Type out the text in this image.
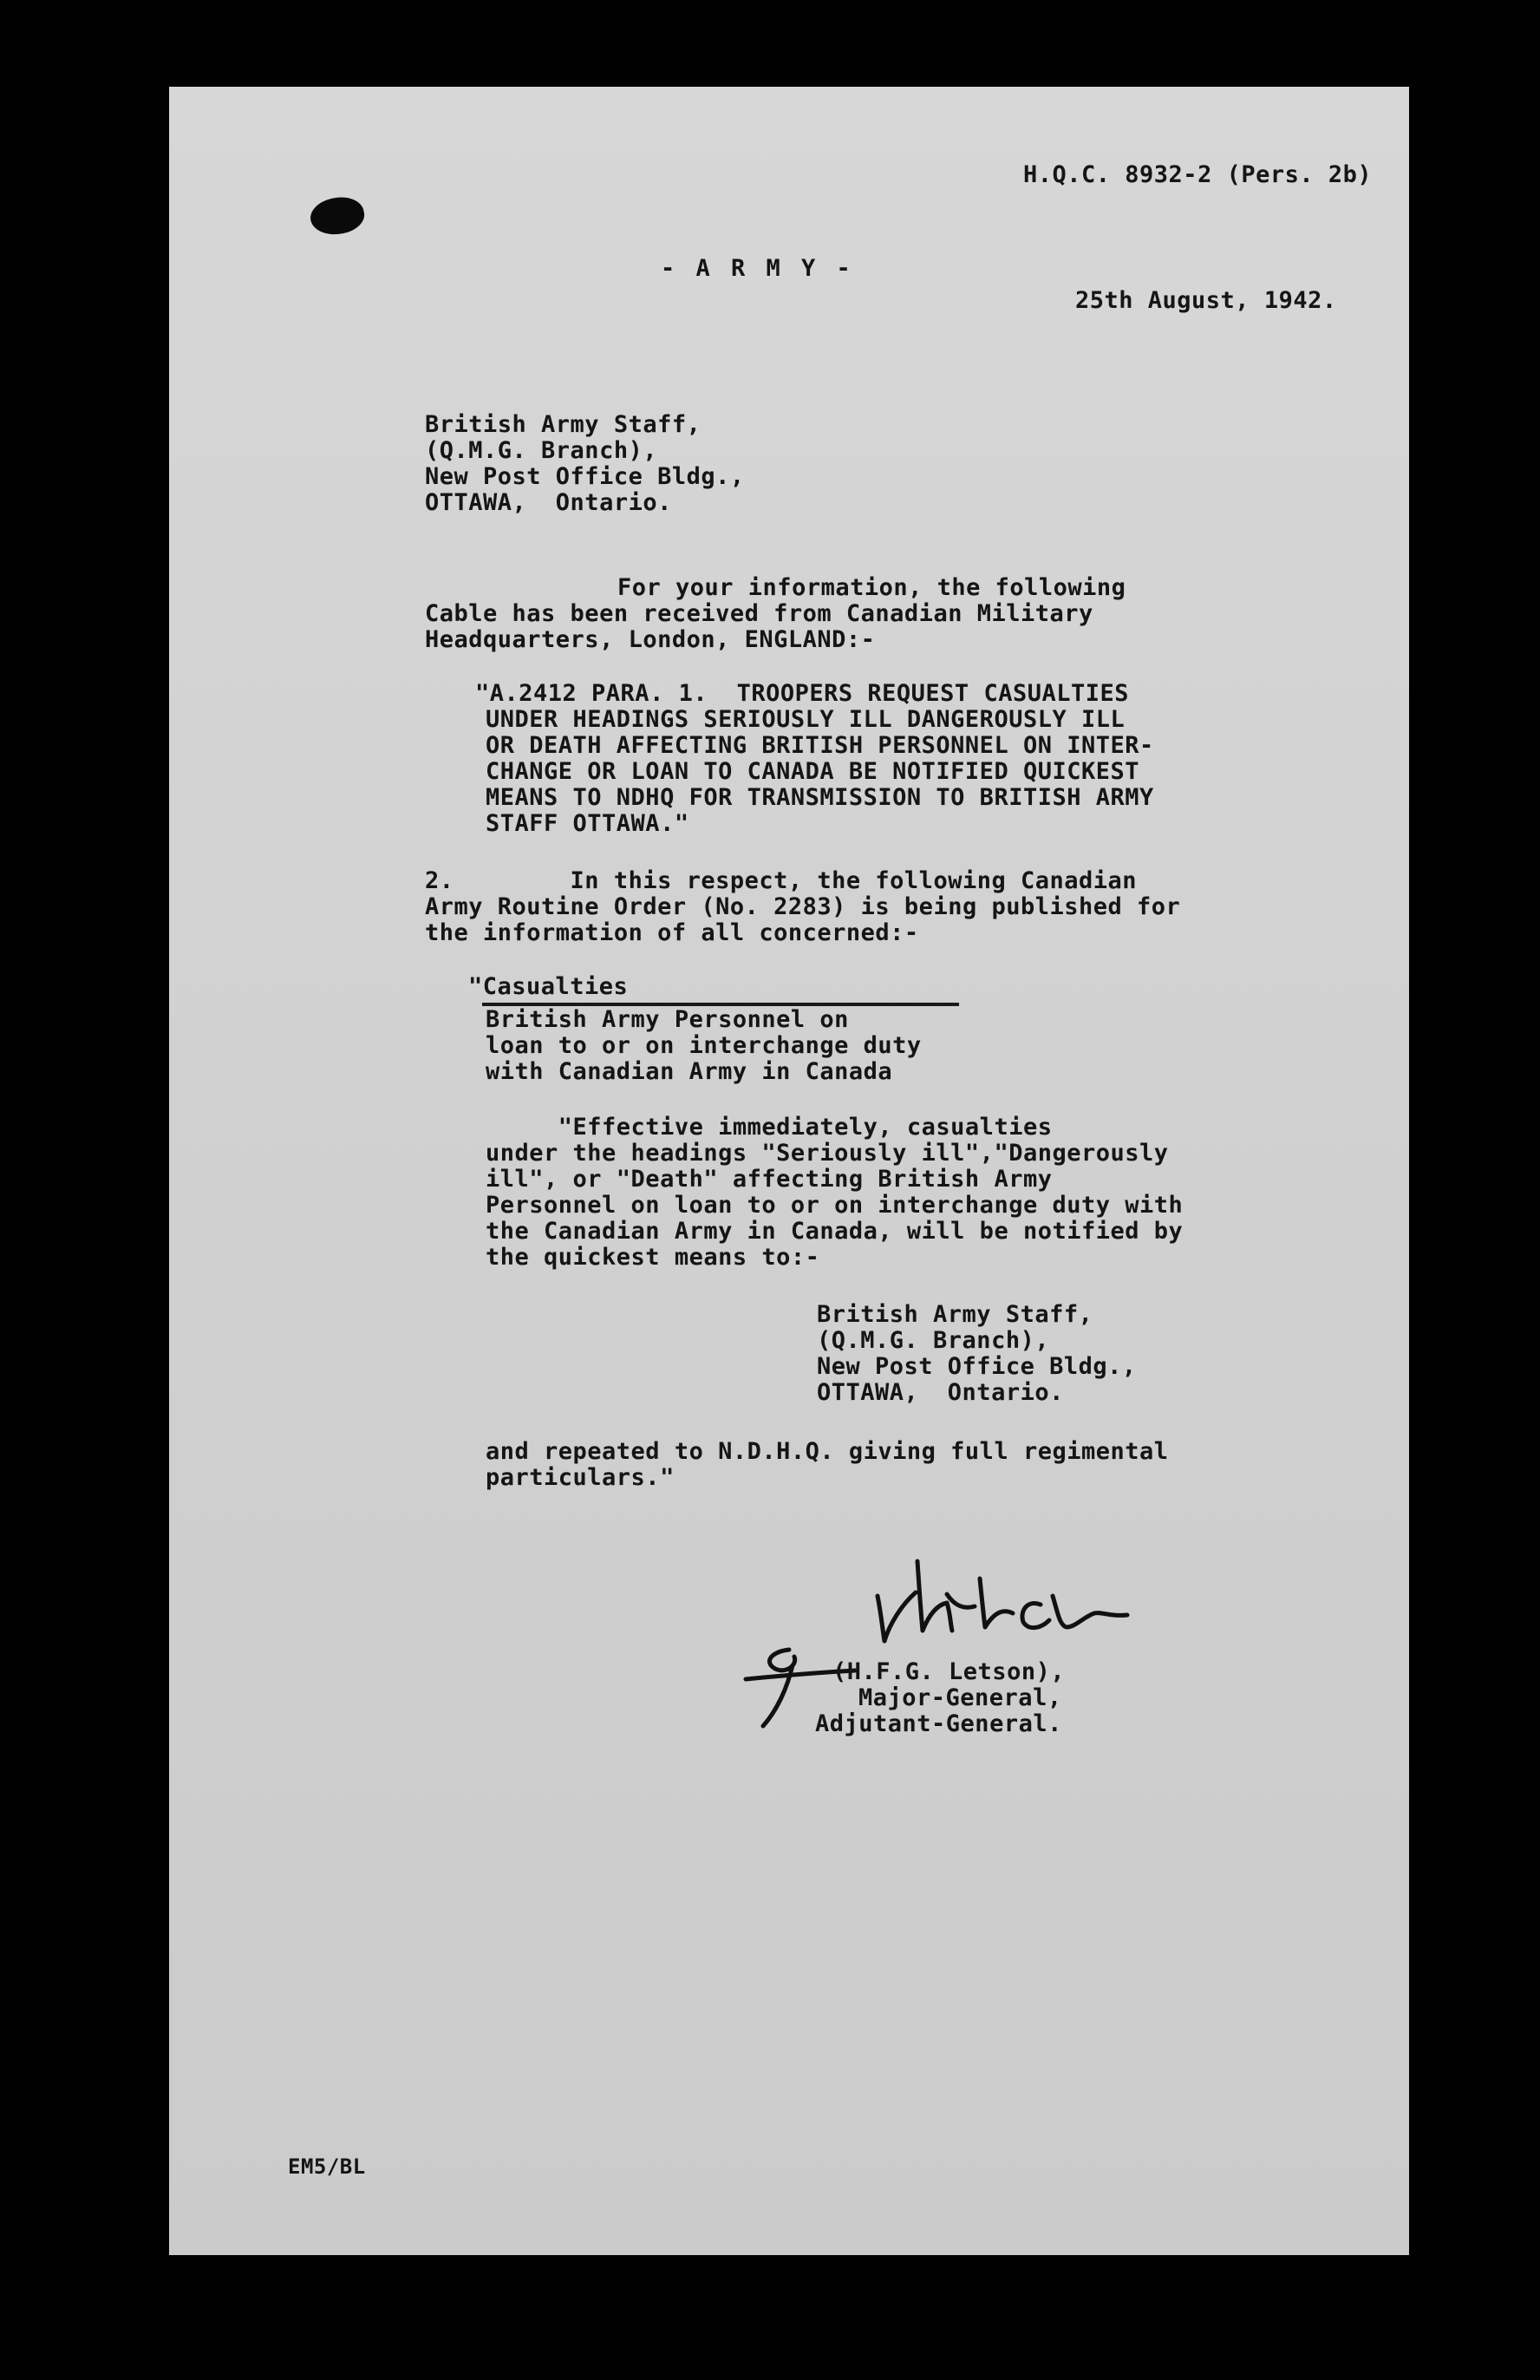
H.Q.C. 8932-2 (Pers. 2b)
- A R M Y -
25th August, 1942.
British Army Staff,
(Q.M.G. Branch),
New Post Office Bldg.,
OTTAWA,  Ontario.
For your information, the following
Cable has been received from Canadian Military
Headquarters, London, ENGLAND:-
"A.2412 PARA. 1.  TROOPERS REQUEST CASUALTIES
UNDER HEADINGS SERIOUSLY ILL DANGEROUSLY ILL
OR DEATH AFFECTING BRITISH PERSONNEL ON INTER-
CHANGE OR LOAN TO CANADA BE NOTIFIED QUICKEST
MEANS TO NDHQ FOR TRANSMISSION TO BRITISH ARMY
STAFF OTTAWA."
2.        In this respect, the following Canadian
Army Routine Order (No. 2283) is being published for
the information of all concerned:-
"Casualties
British Army Personnel on
loan to or on interchange duty
with Canadian Army in Canada
"Effective immediately, casualties
under the headings "Seriously ill","Dangerously
ill", or "Death" affecting British Army
Personnel on loan to or on interchange duty with
the Canadian Army in Canada, will be notified by
the quickest means to:-
British Army Staff,
(Q.M.G. Branch),
New Post Office Bldg.,
OTTAWA,  Ontario.
and repeated to N.D.H.Q. giving full regimental
particulars."
(H.F.G. Letson),
Major-General,
Adjutant-General.
EM5/BL
